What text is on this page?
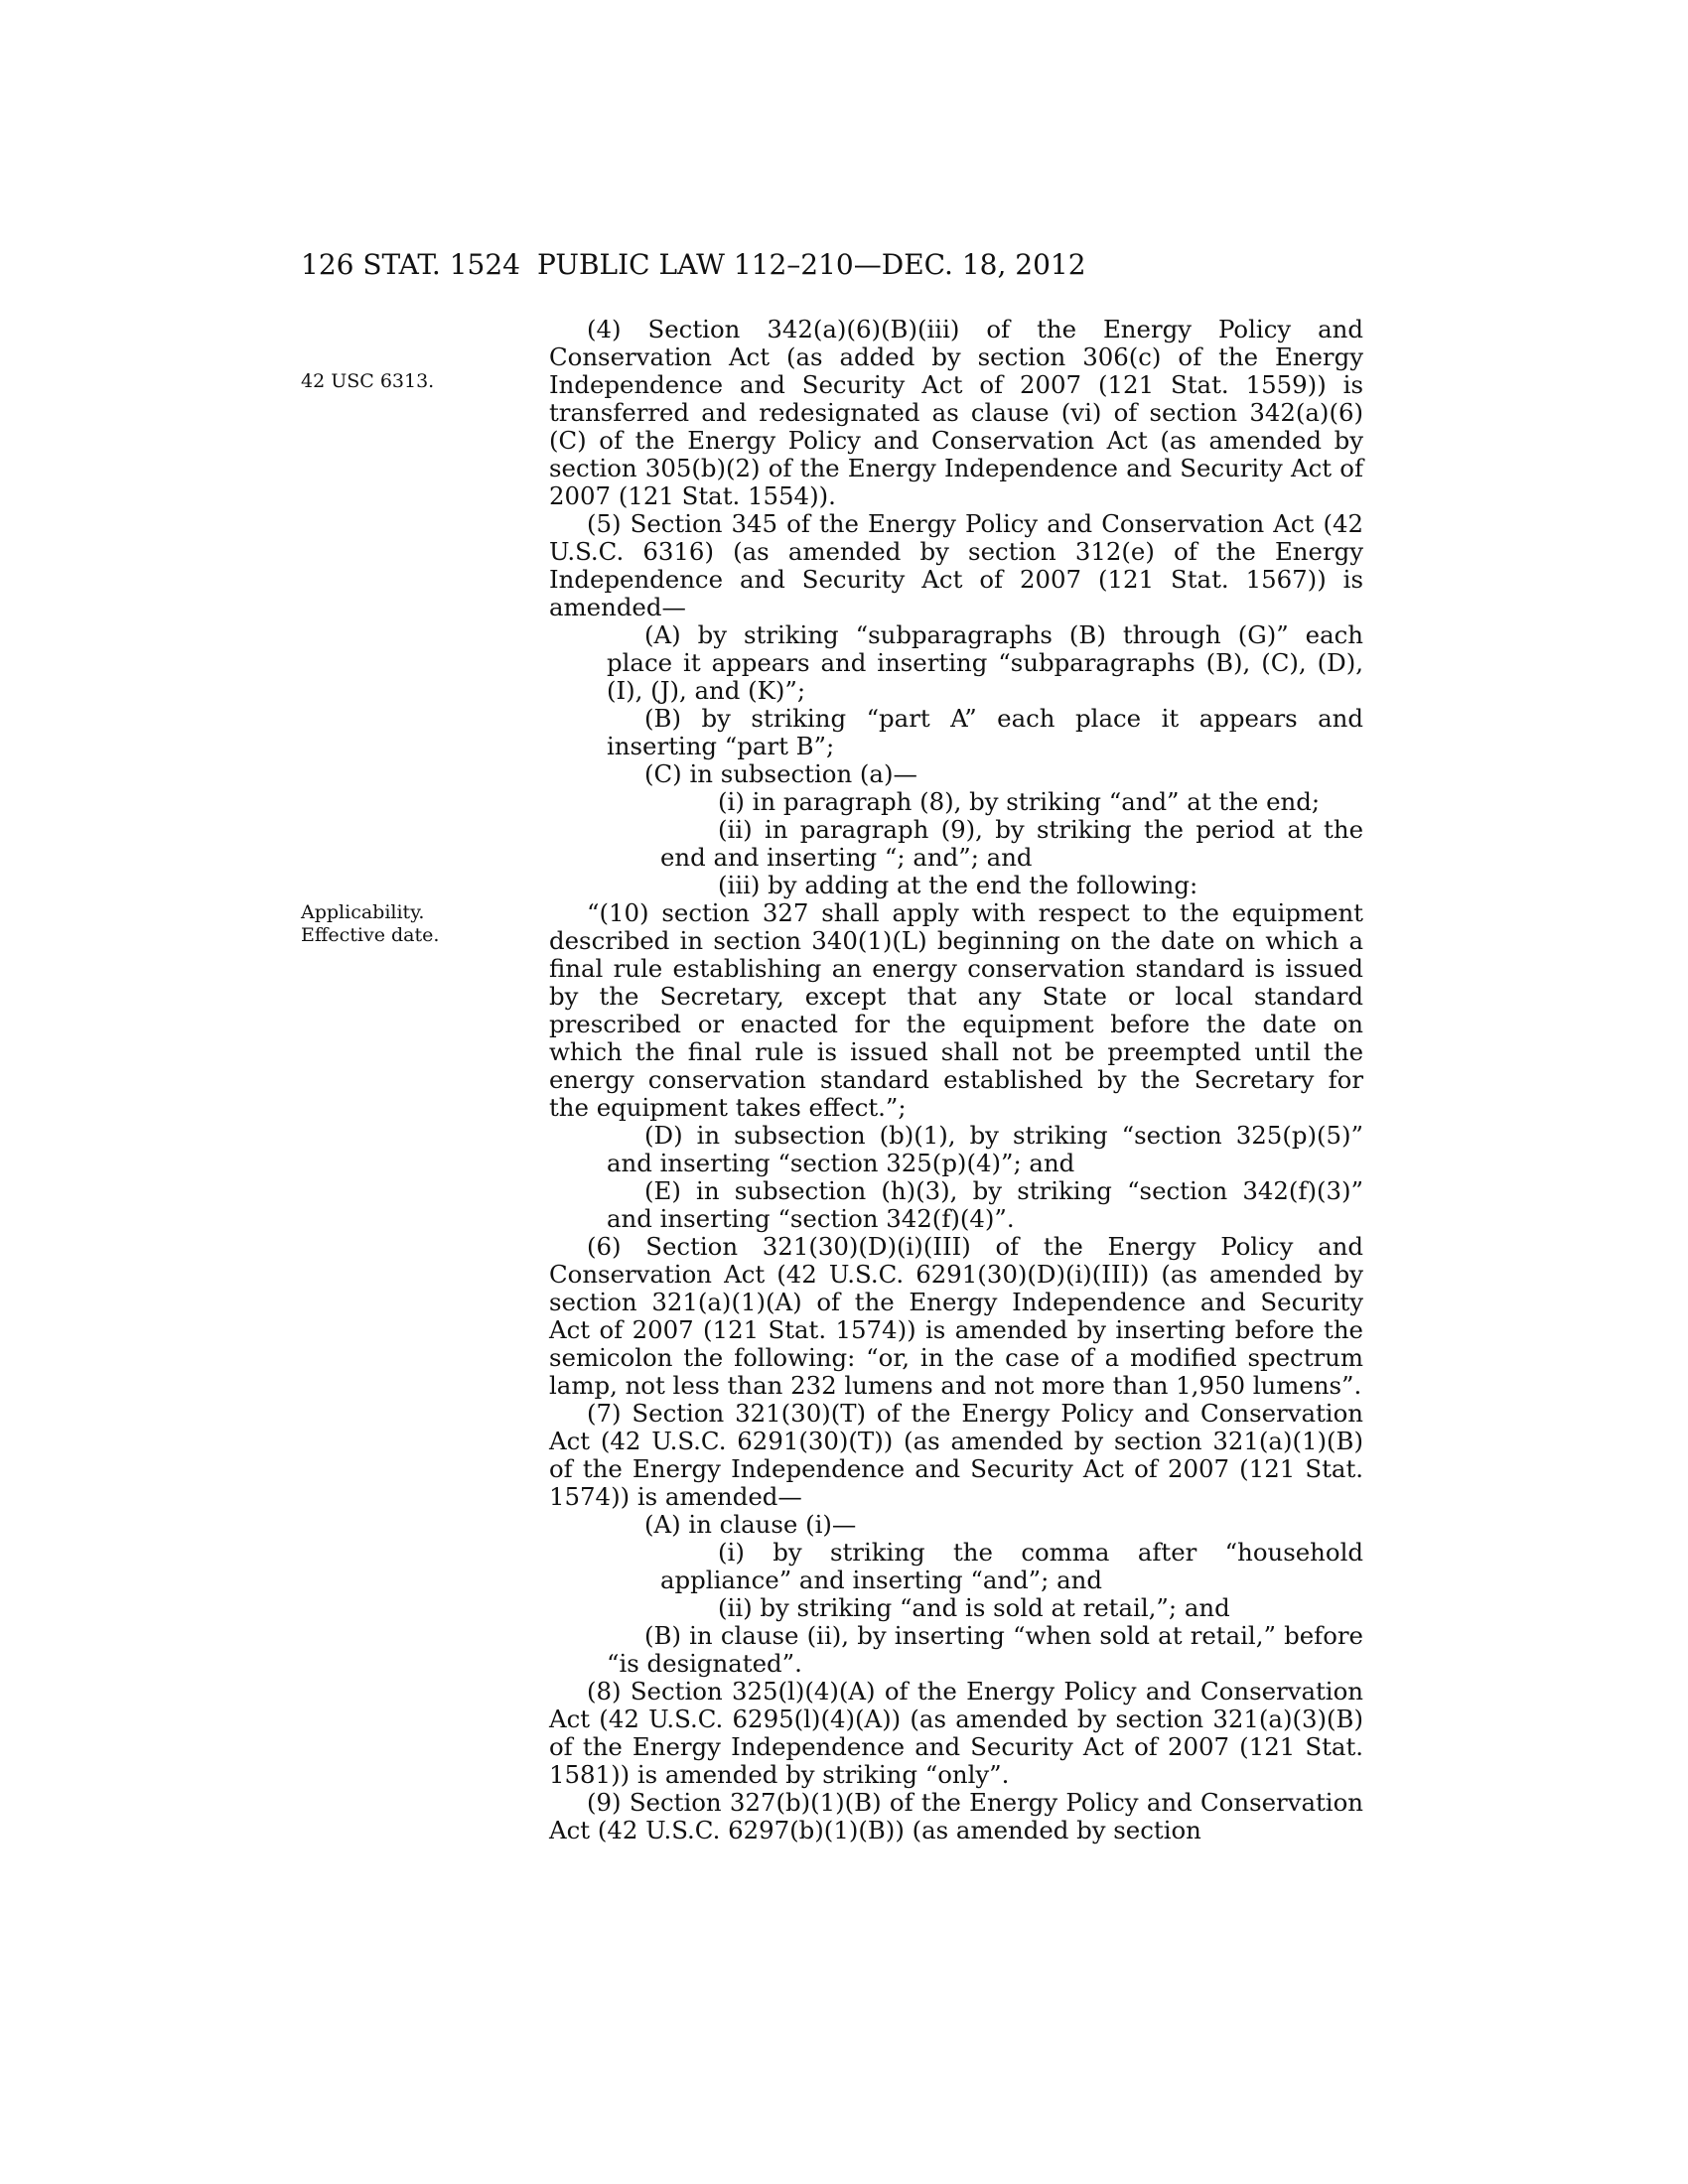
126 STAT. 1524 PUBLIC LAW 112–210—DEC. 18, 2012
42 USC 6313.
Applicability.
Effective date.

(4) Section 342(a)(6)(B)(iii) of the Energy Policy and Conservation Act (as added by section 306(c) of the Energy Independence and Security Act of 2007 (121 Stat. 1559)) is transferred and redesignated as clause (vi) of section 342(a)(6)(C) of the Energy Policy and Conservation Act (as amended by section 305(b)(2) of the Energy Independence and Security Act of 2007 (121 Stat. 1554)).

(5) Section 345 of the Energy Policy and Conservation Act (42 U.S.C. 6316) (as amended by section 312(e) of the Energy Independence and Security Act of 2007 (121 Stat. 1567)) is amended—

(A) by striking “subparagraphs (B) through (G)” each place it appears and inserting “subparagraphs (B), (C), (D), (I), (J), and (K)”;

(B) by striking “part A” each place it appears and inserting “part B”;

(C) in subsection (a)—

(i) in paragraph (8), by striking “and” at the end;

(ii) in paragraph (9), by striking the period at the end and inserting “; and”; and

(iii) by adding at the end the following:

“(10) section 327 shall apply with respect to the equipment described in section 340(1)(L) beginning on the date on which a final rule establishing an energy conservation standard is issued by the Secretary, except that any State or local standard prescribed or enacted for the equipment before the date on which the final rule is issued shall not be preempted until the energy conservation standard established by the Secretary for the equipment takes effect.”;

(D) in subsection (b)(1), by striking “section 325(p)(5)” and inserting “section 325(p)(4)”; and

(E) in subsection (h)(3), by striking “section 342(f)(3)” and inserting “section 342(f)(4)”.

(6) Section 321(30)(D)(i)(III) of the Energy Policy and Conservation Act (42 U.S.C. 6291(30)(D)(i)(III)) (as amended by section 321(a)(1)(A) of the Energy Independence and Security Act of 2007 (121 Stat. 1574)) is amended by inserting before the semicolon the following: “or, in the case of a modified spectrum lamp, not less than 232 lumens and not more than 1,950 lumens”.

(7) Section 321(30)(T) of the Energy Policy and Conservation Act (42 U.S.C. 6291(30)(T)) (as amended by section 321(a)(1)(B) of the Energy Independence and Security Act of 2007 (121 Stat. 1574)) is amended—

(A) in clause (i)—

(i) by striking the comma after “household appliance” and inserting “and”; and

(ii) by striking “and is sold at retail,”; and

(B) in clause (ii), by inserting “when sold at retail,” before “is designated”.

(8) Section 325(l)(4)(A) of the Energy Policy and Conservation Act (42 U.S.C. 6295(l)(4)(A)) (as amended by section 321(a)(3)(B) of the Energy Independence and Security Act of 2007 (121 Stat. 1581)) is amended by striking “only”.

(9) Section 327(b)(1)(B) of the Energy Policy and Conservation Act (42 U.S.C. 6297(b)(1)(B)) (as amended by section
